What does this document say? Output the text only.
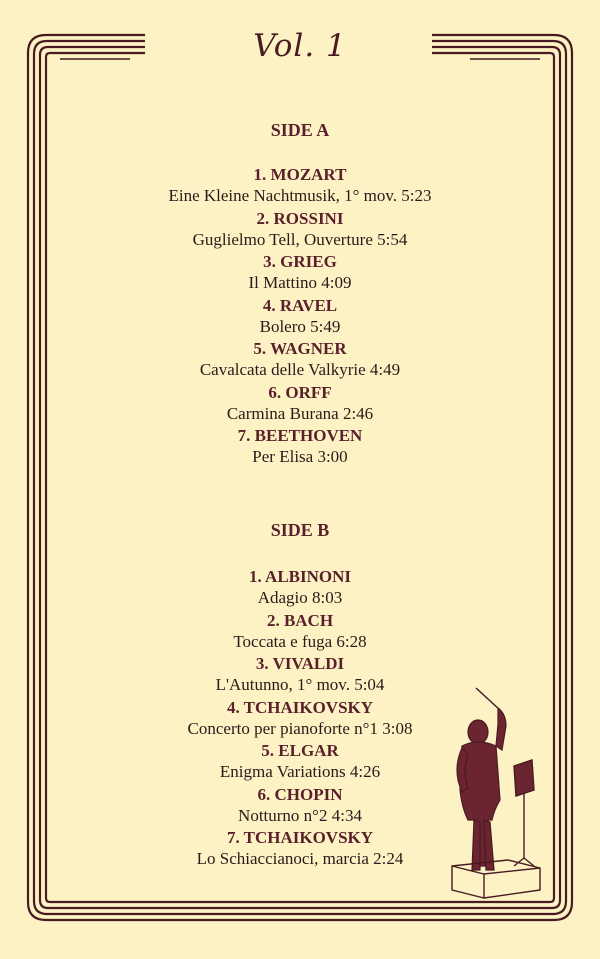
Vol. 1
SIDE A
1. MOZART
Eine Kleine Nachtmusik, 1° mov. 5:23
2. ROSSINI
Guglielmo Tell, Ouverture 5:54
3. GRIEG
Il Mattino 4:09
4. RAVEL
Bolero 5:49
5. WAGNER
Cavalcata delle Valkyrie 4:49
6. ORFF
Carmina Burana 2:46
7. BEETHOVEN
Per Elisa 3:00
SIDE B
1. ALBINONI
Adagio 8:03
2. BACH
Toccata e fuga 6:28
3. VIVALDI
L'Autunno, 1° mov. 5:04
4. TCHAIKOVSKY
Concerto per pianoforte n°1 3:08
5. ELGAR
Enigma Variations 4:26
6. CHOPIN
Notturno n°2 4:34
7. TCHAIKOVSKY
Lo Schiaccianoci, marcia 2:24
